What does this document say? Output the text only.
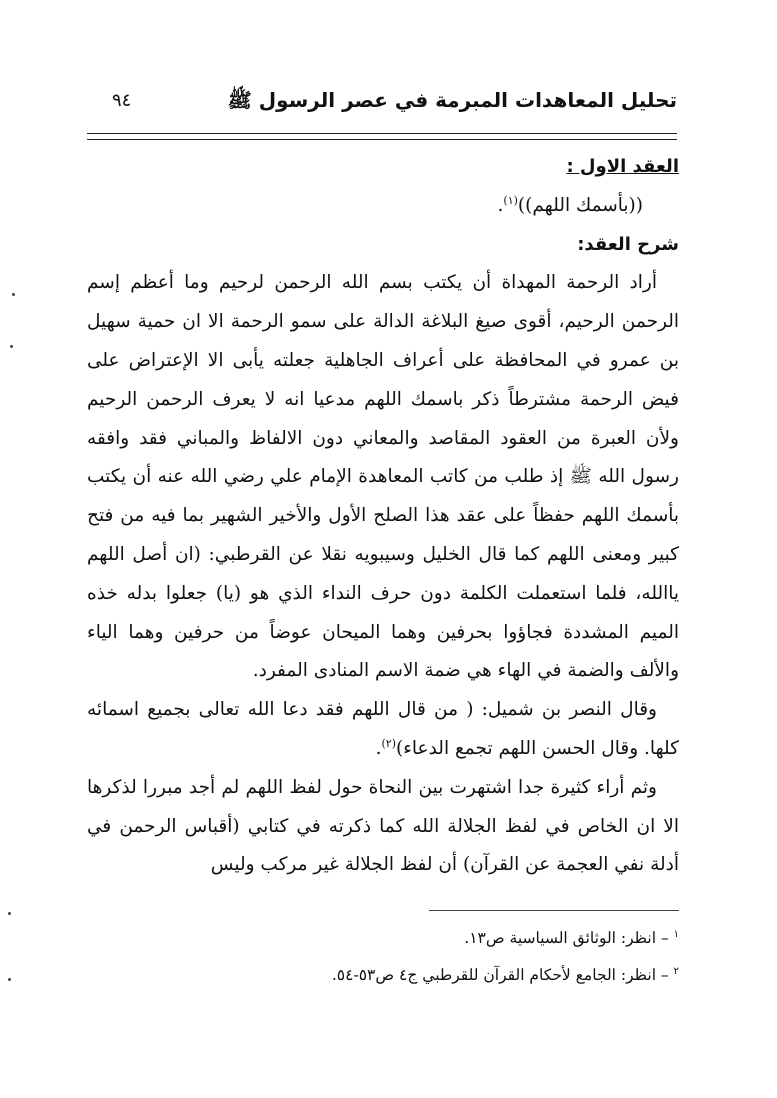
تحليل المعاهدات المبرمة في عصر الرسول ﷺ
٩٤

العقد الاول :

((بأسمك اللهم))$^{(١)}$.

شرح العقد:

أراد الرحمة المهداة أن يكتب بسم الله الرحمن لرحيم وما أعظم إسم الرحمن الرحيم، أقوى صيغ البلاغة الدالة على سمو الرحمة الا ان حمية سهيل بن عمرو في المحافظة على أعراف الجاهلية جعلته يأبى الا الإعتراض على فيض الرحمة مشترطاً ذكر باسمك اللهم مدعيا انه لا يعرف الرحمن الرحيم ولأن العبرة من العقود المقاصد والمعاني دون الالفاظ والمباني فقد وافقه رسول الله ﷺ إذ طلب من كاتب المعاهدة الإمام علي رضي الله عنه أن يكتب بأسمك اللهم حفظاً على عقد هذا الصلح الأول والأخير الشهير بما فيه من فتح كبير ومعنى اللهم كما قال الخليل وسيبويه نقلا عن القرطبي: (ان أصل اللهم ياالله، فلما استعملت الكلمة دون حرف النداء الذي هو (يا) جعلوا بدله خذه الميم المشددة فجاؤوا بحرفين وهما الميحان عوضاً من حرفين وهما الياء والألف والضمة في الهاء هي ضمة الاسم المنادى المفرد.

وقال النصر بن شميل: ( من قال اللهم فقد دعا الله تعالى بجميع اسمائه كلها. وقال الحسن اللهم تجمع الدعاء)$^{(٢)}$.

وثم أراء كثيرة جدا اشتهرت بين النحاة حول لفظ اللهم لم أجد مبررا لذكرها الا ان الخاص في لفظ الجلالة الله كما ذكرته في كتابي (أقباس الرحمن في أدلة نفي العجمة عن القرآن) أن لفظ الجلالة غير مركب وليس

$^١$ – انظر: الوثائق السياسية ص١٣.

$^٢$ – انظر: الجامع لأحكام القرآن للقرطبي ج٤ ص٥٣-٥٤.
